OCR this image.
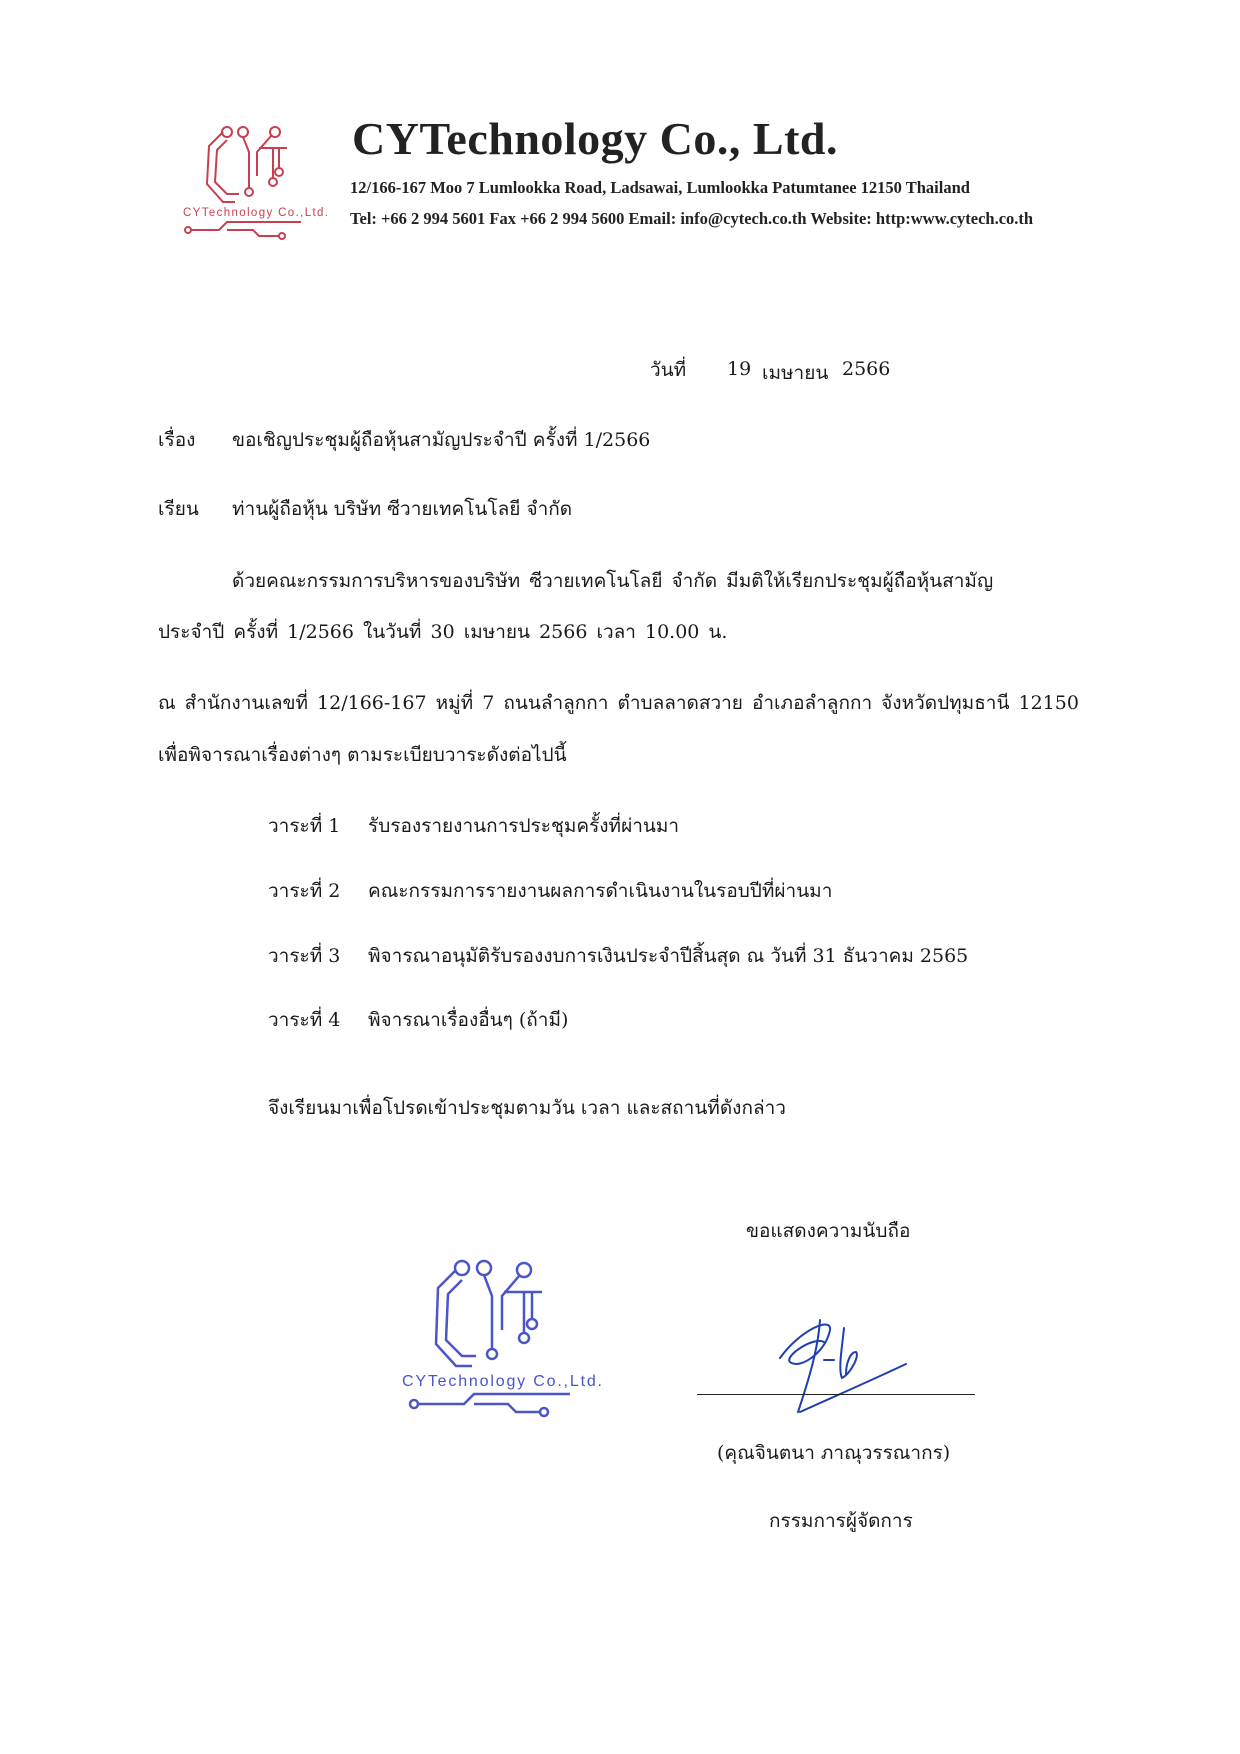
CYTechnology Co.,Ltd.
CYTechnology Co., Ltd.
12/166-167 Moo 7 Lumlookka Road, Ladsawai, Lumlookka Patumtanee 12150 Thailand
Tel: +66 2 994 5601 Fax +66 2 994 5600 Email: info@cytech.co.th Website: http:www.cytech.co.th
วันที่ 19 เมษายน 2566
เรื่อง ขอเชิญประชุมผู้ถือหุ้นสามัญประจำปี ครั้งที่ 1/2566
เรียน ท่านผู้ถือหุ้น บริษัท ซีวายเทคโนโลยี จำกัด
ด้วยคณะกรรมการบริหารของบริษัท ซีวายเทคโนโลยี จำกัด มีมติให้เรียกประชุมผู้ถือหุ้นสามัญ
ประจำปี ครั้งที่ 1/2566 ในวันที่ 30 เมษายน 2566 เวลา 10.00 น.
ณ สำนักงานเลขที่ 12/166-167 หมู่ที่ 7 ถนนลำลูกกา ตำบลลาดสวาย อำเภอลำลูกกา จังหวัดปทุมธานี 12150
เพื่อพิจารณาเรื่องต่างๆ ตามระเบียบวาระดังต่อไปนี้
วาระที่ 1 รับรองรายงานการประชุมครั้งที่ผ่านมา
วาระที่ 2 คณะกรรมการรายงานผลการดำเนินงานในรอบปีที่ผ่านมา
วาระที่ 3 พิจารณาอนุมัติรับรองงบการเงินประจำปีสิ้นสุด ณ วันที่ 31 ธันวาคม 2565
วาระที่ 4 พิจารณาเรื่องอื่นๆ (ถ้ามี)
จึงเรียนมาเพื่อโปรดเข้าประชุมตามวัน เวลา และสถานที่ดังกล่าว
ขอแสดงความนับถือ
CYTechnology Co.,Ltd.
(คุณจินตนา ภาณุวรรณากร)
กรรมการผู้จัดการ
